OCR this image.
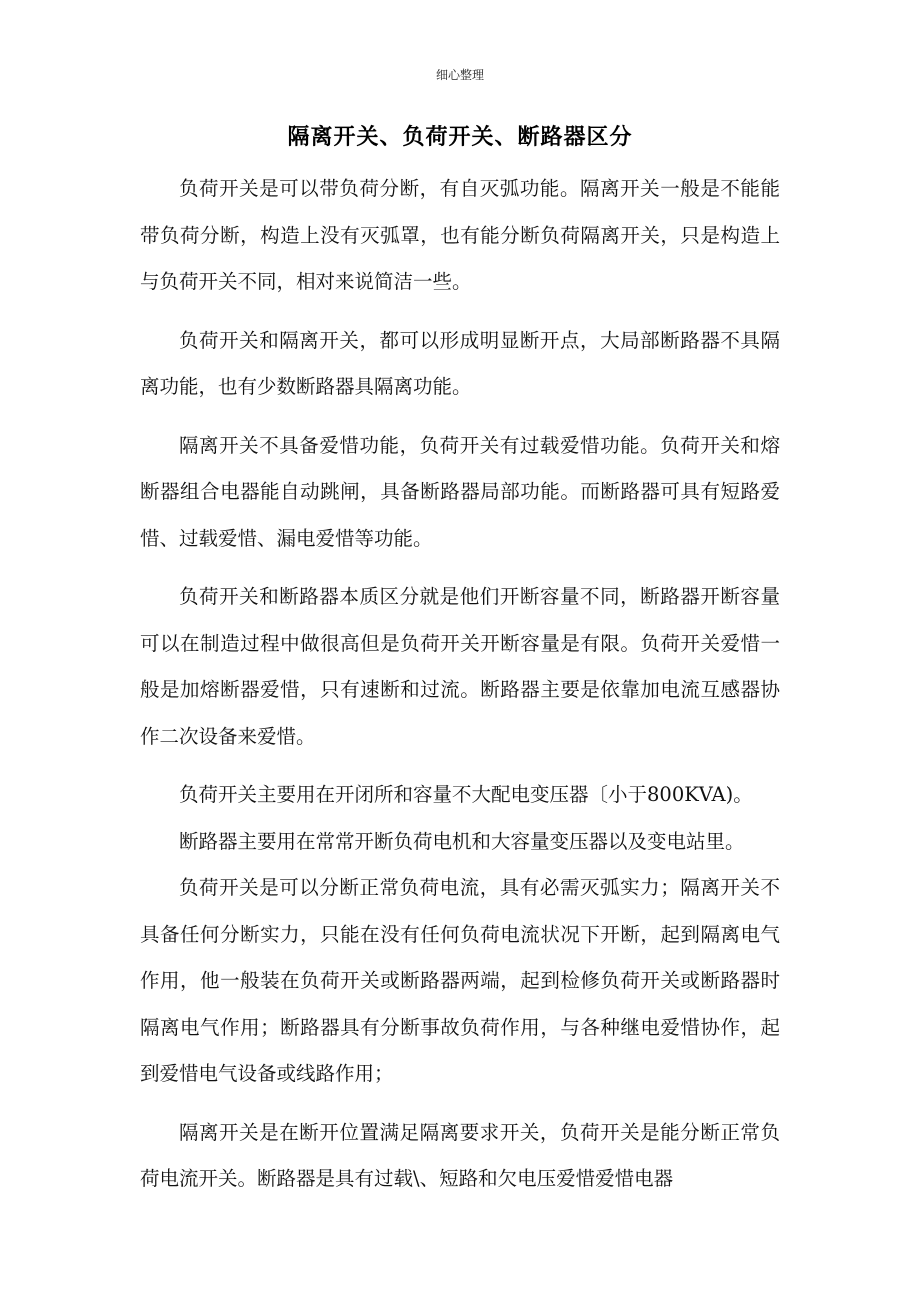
细心整理
隔离开关、负荷开关、断路器区分

负荷开关是可以带负荷分断，有自灭弧功能。隔离开关一般是不能能带负荷分断，构造上没有灭弧罩，也有能分断负荷隔离开关，只是构造上与负荷开关不同，相对来说简洁一些。

负荷开关和隔离开关，都可以形成明显断开点，大局部断路器不具隔离功能，也有少数断路器具隔离功能。

隔离开关不具备爱惜功能，负荷开关有过载爱惜功能。负荷开关和熔断器组合电器能自动跳闸，具备断路器局部功能。而断路器可具有短路爱惜、过载爱惜、漏电爱惜等功能。

负荷开关和断路器本质区分就是他们开断容量不同，断路器开断容量可以在制造过程中做很高但是负荷开关开断容量是有限。负荷开关爱惜一般是加熔断器爱惜，只有速断和过流。断路器主要是依靠加电流互感器协作二次设备来爱惜。

负荷开关主要用在开闭所和容量不大配电变压器〔小于800KVA)。

断路器主要用在常常开断负荷电机和大容量变压器以及变电站里。

负荷开关是可以分断正常负荷电流，具有必需灭弧实力；隔离开关不具备任何分断实力，只能在没有任何负荷电流状况下开断，起到隔离电气作用，他一般装在负荷开关或断路器两端，起到检修负荷开关或断路器时隔离电气作用；断路器具有分断事故负荷作用，与各种继电爱惜协作，起到爱惜电气设备或线路作用；

隔离开关是在断开位置满足隔离要求开关，负荷开关是能分断正常负荷电流开关。断路器是具有过载\、短路和欠电压爱惜爱惜电器
